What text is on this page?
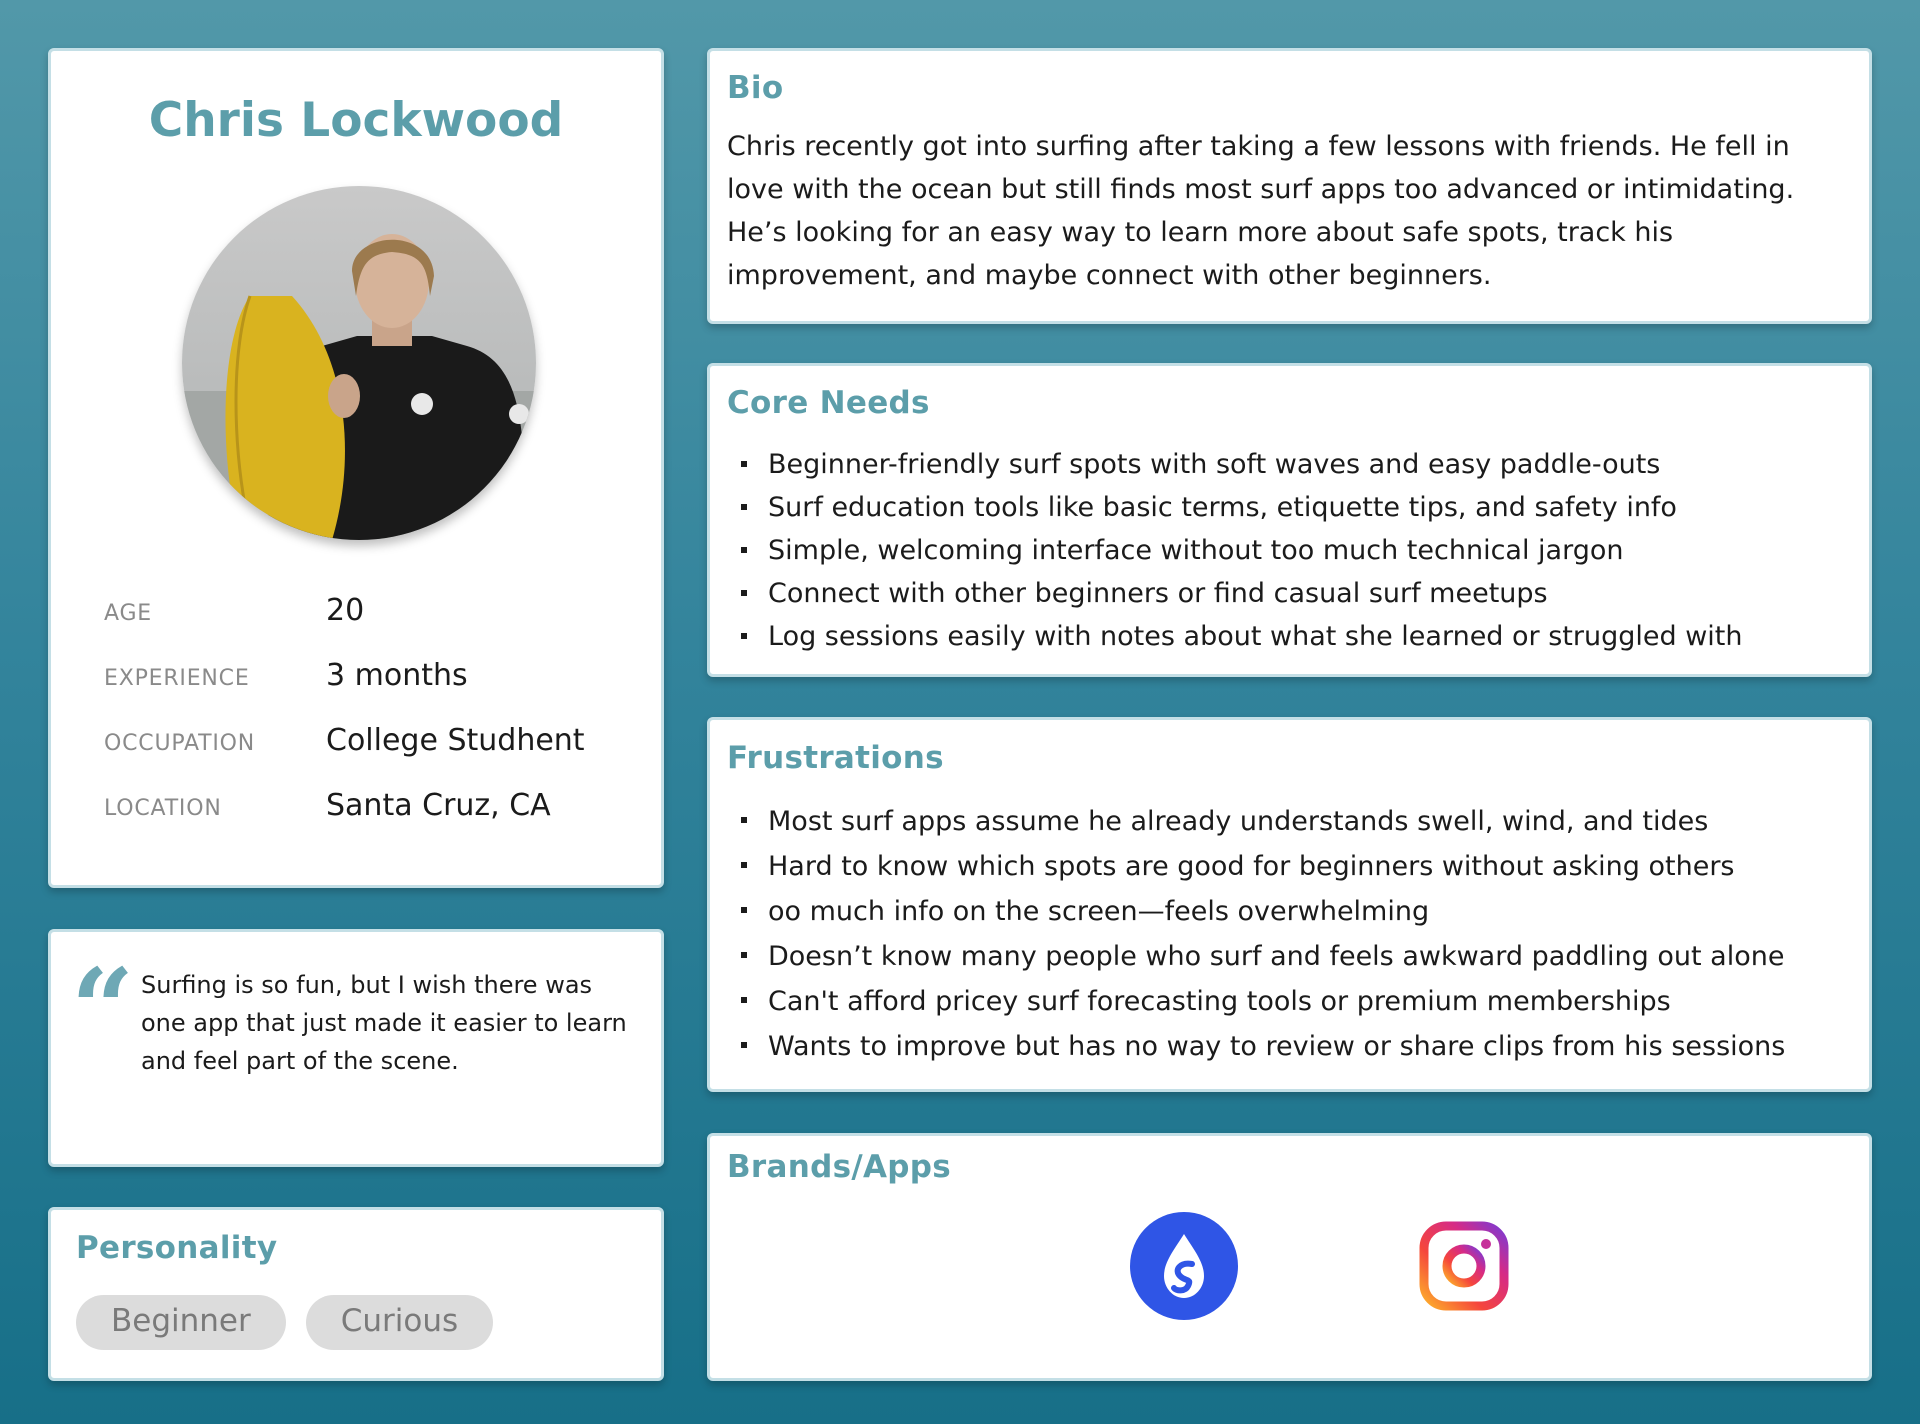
Chris Lockwood
AGE	20
EXPERIENCE	3 months
OCCUPATION College Studhent
LOCATION	Santa Cruz, CA
“ Surfing is so fun, but I wish there was one app that just made it easier to learn and feel part of the scene.
Personality
Beginner	Curious
Bio
Chris recently got into surfing after taking a few lessons with friends. He fell in love with the ocean but still finds most surf apps too advanced or intimidating. He’s looking for an easy way to learn more about safe spots, track his improvement, and maybe connect with other beginners.
Core Needs
Beginner-friendly surf spots with soft waves and easy paddle-outs
Surf education tools like basic terms, etiquette tips, and safety info
Simple, welcoming interface without too much technical jargon
Connect with other beginners or find casual surf meetups
Log sessions easily with notes about what she learned or struggled with
Frustrations
Most surf apps assume he already understands swell, wind, and tides
Hard to know which spots are good for beginners without asking others
oo much info on the screen—feels overwhelming
Doesn’t know many people who surf and feels awkward paddling out alone
Can't afford pricey surf forecasting tools or premium memberships
Wants to improve but has no way to review or share clips from his sessions
Brands/Apps
